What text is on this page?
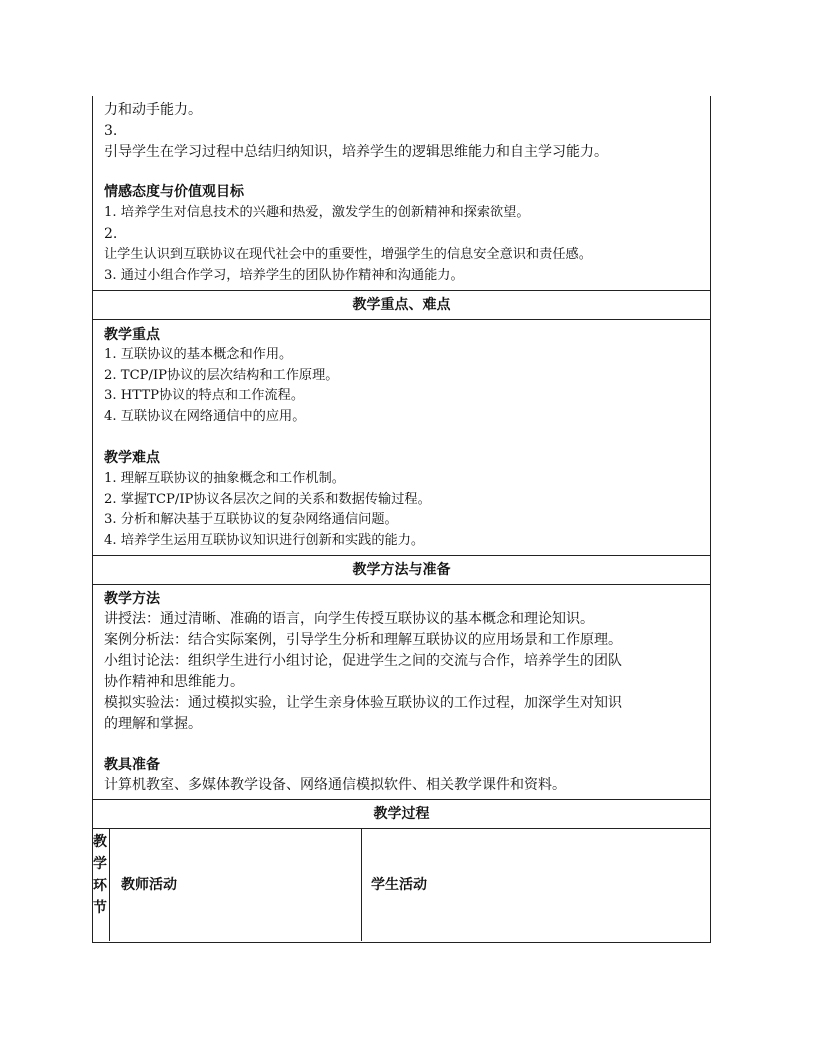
力和动手能力。
3.
引导学生在学习过程中总结归纳知识，培养学生的逻辑思维能力和自主学习能力。
情感态度与价值观目标
1. 培养学生对信息技术的兴趣和热爱，激发学生的创新精神和探索欲望。
2.
让学生认识到互联协议在现代社会中的重要性，增强学生的信息安全意识和责任感。
3. 通过小组合作学习，培养学生的团队协作精神和沟通能力。
教学重点、难点
教学重点
1. 互联协议的基本概念和作用。
2. TCP/IP协议的层次结构和工作原理。
3. HTTP协议的特点和工作流程。
4. 互联协议在网络通信中的应用。
教学难点
1. 理解互联协议的抽象概念和工作机制。
2. 掌握TCP/IP协议各层次之间的关系和数据传输过程。
3. 分析和解决基于互联协议的复杂网络通信问题。
4. 培养学生运用互联协议知识进行创新和实践的能力。
教学方法与准备
教学方法
讲授法：通过清晰、准确的语言，向学生传授互联协议的基本概念和理论知识。
案例分析法：结合实际案例，引导学生分析和理解互联协议的应用场景和工作原理。
小组讨论法：组织学生进行小组讨论，促进学生之间的交流与合作，培养学生的团队
协作精神和思维能力。
模拟实验法：通过模拟实验，让学生亲身体验互联协议的工作过程，加深学生对知识
的理解和掌握。
教具准备
计算机教室、多媒体教学设备、网络通信模拟软件、相关教学课件和资料。
教学过程
教
学
环
节
教师活动	学生活动
